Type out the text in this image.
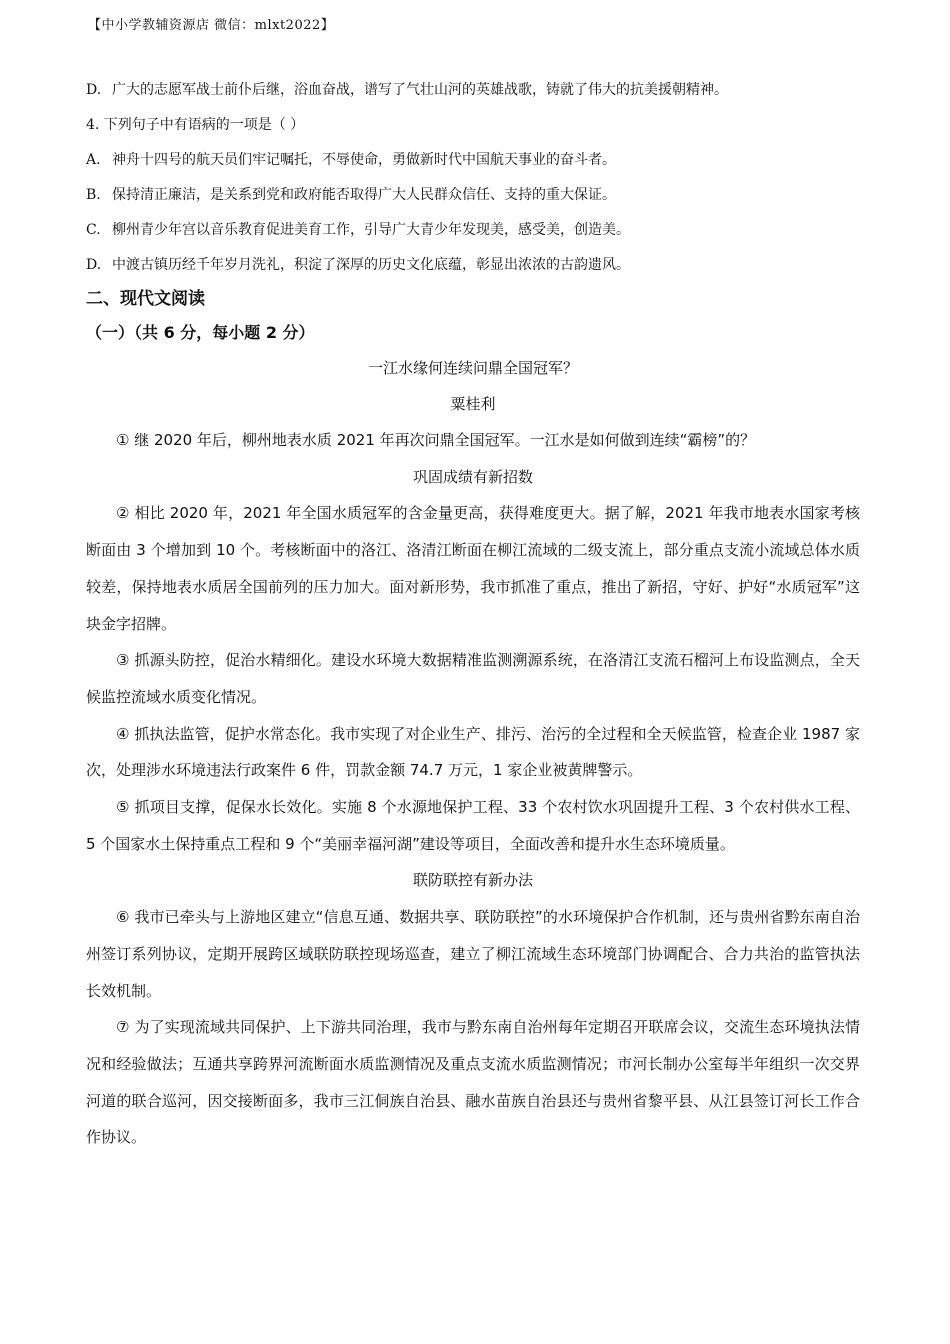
【中小学教辅资源店 微信：mlxt2022】

D. 广大的志愿军战士前仆后继，浴血奋战，谱写了气壮山河的英雄战歌，铸就了伟大的抗美援朝精神。

4. 下列句子中有语病的一项是（ ）

A. 神舟十四号的航天员们牢记嘱托，不辱使命，勇做新时代中国航天事业的奋斗者。

B. 保持清正廉洁，是关系到党和政府能否取得广大人民群众信任、支持的重大保证。

C. 柳州青少年宫以音乐教育促进美育工作，引导广大青少年发现美，感受美，创造美。

D. 中渡古镇历经千年岁月洗礼，积淀了深厚的历史文化底蕴，彰显出浓浓的古韵遗风。

二、现代文阅读

（一）（共 6 分，每小题 2 分）

一江水缘何连续问鼎全国冠军？

粟桂利

① 继 2020 年后，柳州地表水质 2021 年再次问鼎全国冠军。一江水是如何做到连续“霸榜”的？

巩固成绩有新招数

② 相比 2020 年，2021 年全国水质冠军的含金量更高，获得难度更大。据了解，2021 年我市地表水国家考核断面由 3 个增加到 10 个。考核断面中的洛江、洛清江断面在柳江流域的二级支流上，部分重点支流小流域总体水质较差，保持地表水质居全国前列的压力加大。面对新形势，我市抓准了重点，推出了新招，守好、护好“水质冠军”这块金字招牌。

③ 抓源头防控，促治水精细化。建设水环境大数据精准监测溯源系统，在洛清江支流石榴河上布设监测点，全天候监控流域水质变化情况。

④ 抓执法监管，促护水常态化。我市实现了对企业生产、排污、治污的全过程和全天候监管，检查企业 1987 家次，处理涉水环境违法行政案件 6 件，罚款金额 74.7 万元，1 家企业被黄牌警示。

⑤ 抓项目支撑，促保水长效化。实施 8 个水源地保护工程、33 个农村饮水巩固提升工程、3 个农村供水工程、5 个国家水土保持重点工程和 9 个“美丽幸福河湖”建设等项目，全面改善和提升水生态环境质量。

联防联控有新办法

⑥ 我市已牵头与上游地区建立“信息互通、数据共享、联防联控”的水环境保护合作机制，还与贵州省黔东南自治州签订系列协议，定期开展跨区域联防联控现场巡查，建立了柳江流域生态环境部门协调配合、合力共治的监管执法长效机制。

⑦ 为了实现流域共同保护、上下游共同治理，我市与黔东南自治州每年定期召开联席会议，交流生态环境执法情况和经验做法；互通共享跨界河流断面水质监测情况及重点支流水质监测情况；市河长制办公室每半年组织一次交界河道的联合巡河，因交接断面多，我市三江侗族自治县、融水苗族自治县还与贵州省黎平县、从江县签订河长工作合作协议。
